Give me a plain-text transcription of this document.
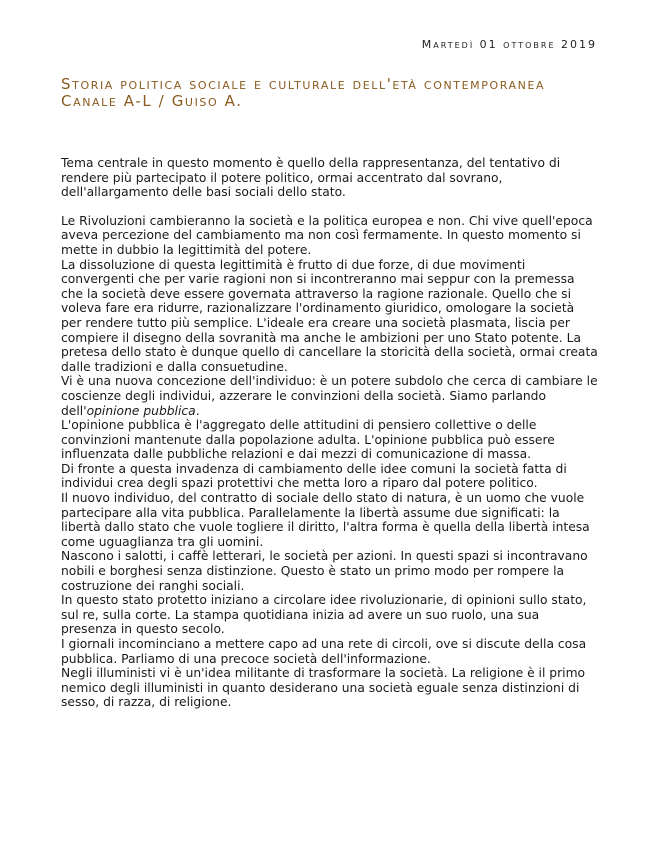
Martedì 01 ottobre 2019
Storia politica sociale e culturale dell'età contemporanea
Canale A-L / Guiso A.

Tema centrale in questo momento è quello della rappresentanza, del tentativo di rendere più partecipato il potere politico, ormai accentrato dal sovrano, dell'allargamento delle basi sociali dello stato.

Le Rivoluzioni cambieranno la società e la politica europea e non. Chi vive quell'epoca aveva percezione del cambiamento ma non così fermamente. In questo momento si mette in dubbio la legittimità del potere.

La dissoluzione di questa legittimità è frutto di due forze, di due movimenti convergenti che per varie ragioni non si incontreranno mai seppur con la premessa che la società deve essere governata attraverso la ragione razionale. Quello che si voleva fare era ridurre, razionalizzare l'ordinamento giuridico, omologare la società per rendere tutto più semplice. L'ideale era creare una società plasmata, liscia per compiere il disegno della sovranità ma anche le ambizioni per uno Stato potente. La pretesa dello stato è dunque quello di cancellare la storicità della società, ormai creata dalle tradizioni e dalla consuetudine.

Vi è una nuova concezione dell'individuo: è un potere subdolo che cerca di cambiare le coscienze degli individui, azzerare le convinzioni della società. Siamo parlando dell'opinione pubblica.

L'opinione pubblica è l'aggregato delle attitudini di pensiero collettive o delle convinzioni mantenute dalla popolazione adulta. L'opinione pubblica può essere influenzata dalle pubbliche relazioni e dai mezzi di comunicazione di massa.

Di fronte a questa invadenza di cambiamento delle idee comuni la società fatta di individui crea degli spazi protettivi che metta loro a riparo dal potere politico.

Il nuovo individuo, del contratto di sociale dello stato di natura, è un uomo che vuole partecipare alla vita pubblica. Parallelamente la libertà assume due significati: la libertà dallo stato che vuole togliere il diritto, l'altra forma è quella della libertà intesa come uguaglianza tra gli uomini.

Nascono i salotti, i caffè letterari, le società per azioni. In questi spazi si incontravano nobili e borghesi senza distinzione. Questo è stato un primo modo per rompere la costruzione dei ranghi sociali.

In questo stato protetto iniziano a circolare idee rivoluzionarie, di opinioni sullo stato, sul re, sulla corte. La stampa quotidiana inizia ad avere un suo ruolo, una sua presenza in questo secolo.

I giornali incominciano a mettere capo ad una rete di circoli, ove si discute della cosa pubblica. Parliamo di una precoce società dell'informazione.

Negli illuministi vi è un'idea militante di trasformare la società. La religione è il primo nemico degli illuministi in quanto desiderano una società eguale senza distinzioni di sesso, di razza, di religione.
